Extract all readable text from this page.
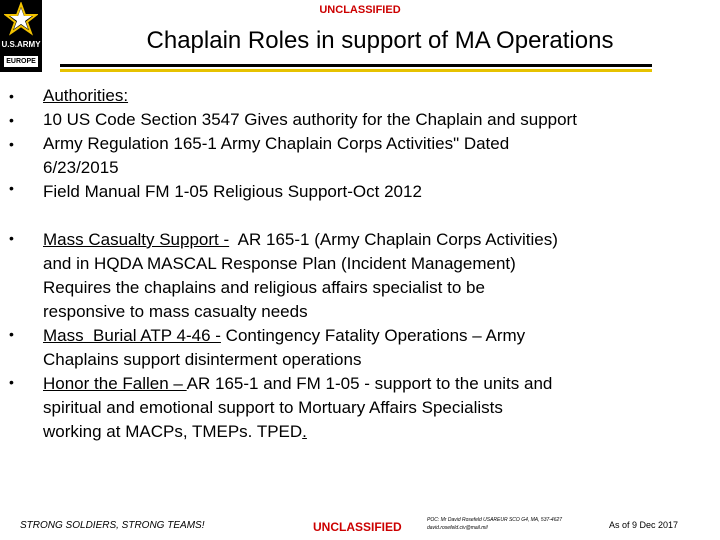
UNCLASSIFIED
U.S.ARMY
EUROPE
Chaplain Roles in support of MA Operations
•
•
•
•
•
•
•
Authorities:
10 US Code Section 3547 Gives authority for the Chaplain and support
Army Regulation 165-1 Army Chaplain Corps Activities" Dated
6/23/2015
Field Manual FM 1-05 Religious Support-Oct 2012
Mass Casualty Support -  AR 165-1 (Army Chaplain Corps Activities)
and in HQDA MASCAL Response Plan (Incident Management)
Requires the chaplains and religious affairs specialist to be
responsive to mass casualty needs
Mass  Burial ATP 4-46 - Contingency Fatality Operations – Army
Chaplains support disinterment operations
Honor the Fallen – AR 165-1 and FM 1-05 - support to the units and
spiritual and emotional support to Mortuary Affairs Specialists
working at MACPs, TMEPs. TPED.
STRONG SOLDIERS, STRONG TEAMS!	UNCLASSIFIED	POC: Mr David Rosefeld USAREUR SCO G4, MA, 537-4627
david.rosefeld.civ@mail.mil	As of 9 Dec 2017
